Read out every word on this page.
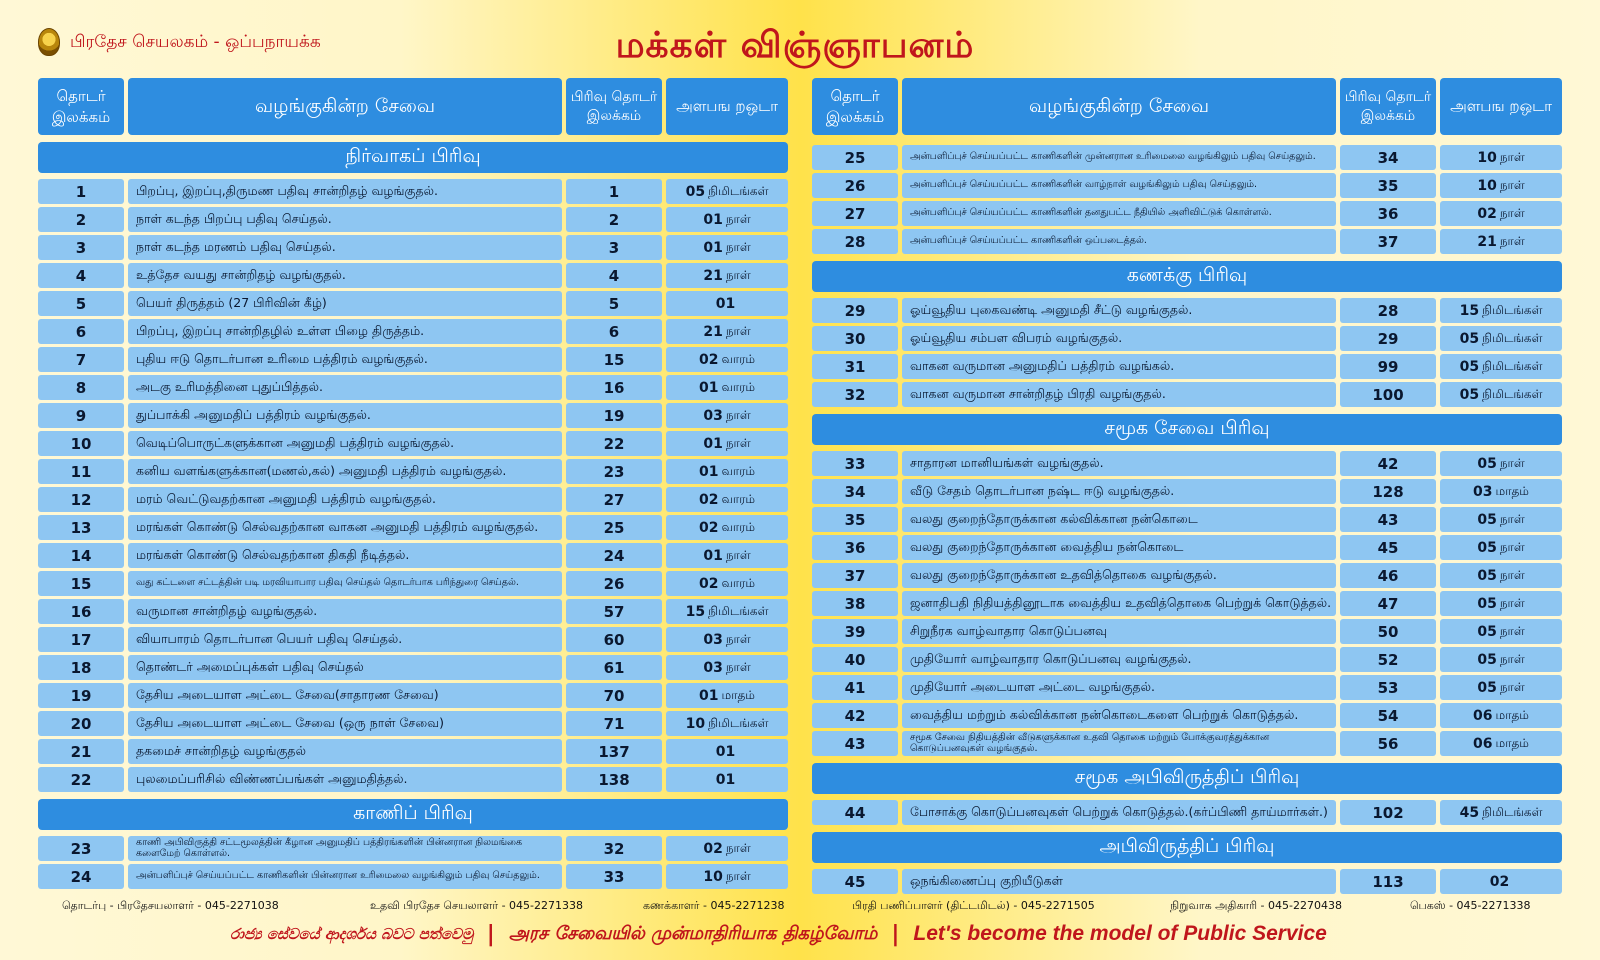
பிரதேச செயலகம் - ஒப்பநாயக்க	மக்கள் விஞ்ஞாபனம்
தொடர் இலக்கம்	வழங்குகின்ற சேவை	பிரிவு தொடர் இலக்கம்
அளபங றஒடா
நிர்வாகப் பிரிவு
1	பிறப்பு, இறப்பு,திருமண பதிவு சான்றிதழ் வழங்குதல்.	1	05 நிமிடங்கள்
2	நாள் கடந்த பிறப்பு பதிவு செய்தல்.	2	01 நாள்
3	நாள் கடந்த மரணம் பதிவு செய்தல்.	3	01 நாள்
4	உத்தேச வயது சான்றிதழ் வழங்குதல்.	4	21 நாள்
5	பெயர் திருத்தம் (27 பிரிவின் கீழ்)	5	01
6	பிறப்பு, இறப்பு சான்றிதழில் உள்ள பிழை திருத்தம்.	6	21 நாள்
7	புதிய ஈடு தொடர்பான உரிமை பத்திரம் வழங்குதல்.	15	02 வாரம்
8	அடகு உரிமத்தினை புதுப்பித்தல்.	16	01 வாரம்
9	துப்பாக்கி அனுமதிப் பத்திரம் வழங்குதல்.	19	03 நாள்
10	வெடிப்பொருட்களுக்கான அனுமதி பத்திரம் வழங்குதல்.	22	01 நாள்
11	கனிய வளங்களுக்கான(மணல்,கல்) அனுமதி பத்திரம் வழங்குதல்.	23	01 வாரம்
12	மரம் வெட்டுவதற்கான அனுமதி பத்திரம் வழங்குதல்.	27	02 வாரம்
13	மரங்கள் கொண்டு செல்வதற்கான வாகன அனுமதி பத்திரம் வழங்குதல்.	25	02 வாரம்
14	மரங்கள் கொண்டு செல்வதற்கான திகதி நீடித்தல்.	24	01 நாள்
15	வது கட்டளை சட்டத்தின் படி மரவியாபார பதிவு செய்தல் தொடர்பாக பரிந்துரை செய்தல்.	26	02 வாரம்
16	வருமான சான்றிதழ் வழங்குதல்.	57	15 நிமிடங்கள்
17	வியாபாரம் தொடர்பான பெயர் பதிவு செய்தல்.	60	03 நாள்
18	தொண்டர் அமைப்புக்கள் பதிவு செய்தல்	61	03 நாள்
19	தேசிய அடையாள அட்டை சேவை(சாதாரண சேவை)	70	01 மாதம்
20	தேசிய அடையாள அட்டை சேவை (ஒரு நாள் சேவை)	71	10 நிமிடங்கள்
21	தகமைச் சான்றிதழ் வழங்குதல்	137	01
22	புலமைப்பரிசில் விண்ணப்பங்கள் அனுமதித்தல்.	138	01
காணிப் பிரிவு
23	காணி அபிவிருத்தி சட்டமூலத்தின் கீழான அனுமதிப் பத்திரங்களின் பின்னரான நிலமங்கை களைமேற் கொள்ளல்.	32	02 நாள்
24	அன்பளிப்புச் செய்யப்பட்ட காணிகளின் பின்னரான உரிமைலை வழங்கிலும் பதிவு செய்தலும்.	33	10 நாள்
தொடர் இலக்கம்	வழங்குகின்ற சேவை	பிரிவு தொடர் இலக்கம்
அளபங றஒடா
25	அன்பளிப்புச் செய்யப்பட்ட காணிகளின் முன்னரான உரிமைலை வழங்கிலும் பதிவு செய்தலும்.	34	10 நாள்
26	அன்பளிப்புச் செய்யப்பட்ட காணிகளின் வாழ்நாள் வழங்கிலும் பதிவு செய்தலும்.	35	10 நாள்
27	அன்பளிப்புச் செய்யப்பட்ட காணிகளின் தனதுபட்ட நீதியில் அளிவிட்டுக் கொள்ளல்.	36	02 நாள்
28	அன்பளிப்புச் செய்யப்பட்ட காணிகளின் ஒப்படைத்தல்.	37	21 நாள்
கணக்கு பிரிவு
29	ஓய்வூதிய புகைவண்டி அனுமதி சீட்டு வழங்குதல்.	28	15 நிமிடங்கள்
30	ஓய்வூதிய சம்பள விபரம் வழங்குதல்.	29	05 நிமிடங்கள்
31	வாகன வருமான அனுமதிப் பத்திரம் வழங்கல்.	99	05 நிமிடங்கள்
32	வாகன வருமான சான்றிதழ் பிரதி வழங்குதல்.	100	05 நிமிடங்கள்
சமூக சேவை பிரிவு
33	சாதாரன மானியங்கள் வழங்குதல்.	42	05 நாள்
34	வீடு சேதம் தொடர்பான நஷ்ட ஈடு வழங்குதல்.	128	03 மாதம்
35	வலது குறைந்தோருக்கான கல்விக்கான நன்கொடை	43	05 நாள்
36	வலது குறைந்தோருக்கான வைத்திய நன்கொடை	45	05 நாள்
37	வலது குறைந்தோருக்கான உதவித்தொகை வழங்குதல்.	46	05 நாள்
38	ஜனாதிபதி நிதியத்தினூடாக வைத்திய உதவித்தொகை பெற்றுக் கொடுத்தல்.	47	05 நாள்
39	சிறுநீரக வாழ்வாதார கொடுப்பனவு	50	05 நாள்
40	முதியோர் வாழ்வாதார கொடுப்பனவு வழங்குதல்.	52	05 நாள்
41	முதியோர் அடையாள அட்டை வழங்குதல்.	53	05 நாள்
42	வைத்திய மற்றும் கல்விக்கான நன்கொடைகளை பெற்றுக் கொடுத்தல்.	54	06 மாதம்
43	சமூக சேவை நிதியத்தின் வீடுகளுக்கான உதவி தொகை மற்றும் போக்குவரத்துக்கான கொடுப்பனவுகள் வழங்குதல்.	56	06 மாதம்
சமூக அபிவிருத்திப் பிரிவு
44	போசாக்கு கொடுப்பனவுகள் பெற்றுக் கொடுத்தல்.(கர்ப்பிணி தாய்மார்கள்.)	102	45 நிமிடங்கள்
அபிவிருத்திப் பிரிவு
45	ஒநங்கிணைப்பு குறியீடுகள்	113	02
தொடர்பு - பிரதேசயலாளர் - 045-2271038	உதவி பிரதேச செயலாளர் - 045-2271338	கணக்காளர் - 045-2271238	பிரதி பணிப்பாளர் (திட்டமிடல்) - 045-2271505	நிறுவாக அதிகாரி - 045-2270438	பெகஸ் - 045-2271338
රාජ්‍ය සේවයේ ආදර්ශය බවට පත්වෙමු | அரச சேவையில் முன்மாதிரியாக திகழ்வோம் | Let's become the model of Public Service
